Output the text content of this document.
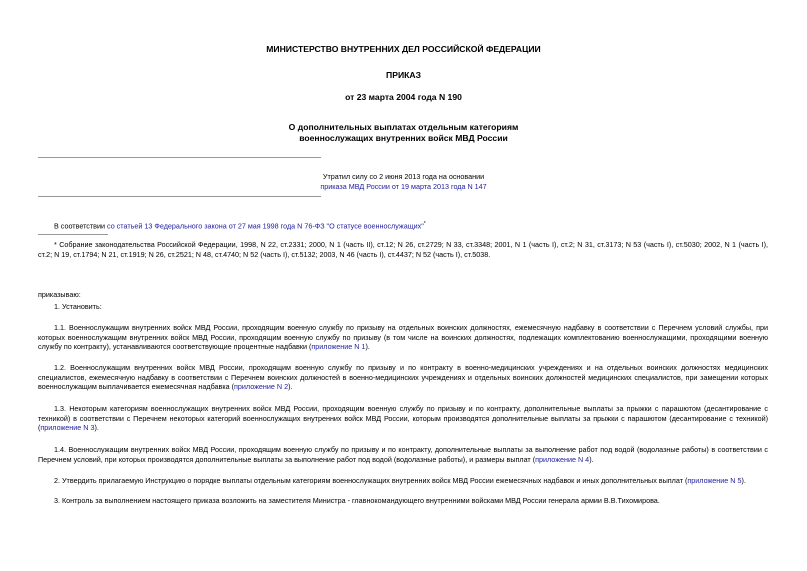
МИНИСТЕРСТВО ВНУТРЕННИХ ДЕЛ РОССИЙСКОЙ ФЕДЕРАЦИИ
ПРИКАЗ
от 23 марта 2004 года N 190
О дополнительных выплатах отдельным категориям
военнослужащих внутренних войск МВД России
Утратил силу со 2 июня 2013 года на основании
приказа МВД России от 19 марта 2013 года N 147
В соответствии со статьей 13 Федерального закона от 27 мая 1998 года N 76-ФЗ "О статусе военнослужащих"*
* Собрание законодательства Российской Федерации, 1998, N 22, ст.2331; 2000, N 1 (часть II), ст.12; N 26, ст.2729; N 33, ст.3348; 2001, N 1 (часть I), ст.2; N 31, ст.3173; N 53 (часть I), ст.5030; 2002, N 1 (часть I), ст.2; N 19, ст.1794; N 21, ст.1919; N 26, ст.2521; N 48, ст.4740; N 52 (часть I), ст.5132; 2003, N 46 (часть I), ст.4437; N 52 (часть I), ст.5038.
приказываю:
1. Установить:
1.1. Военнослужащим внутренних войск МВД России, проходящим военную службу по призыву на отдельных воинских должностях, ежемесячную надбавку в соответствии с Перечнем условий службы, при которых военнослужащим внутренних войск МВД России, проходящим военную службу по призыву (в том числе на воинских должностях, подлежащих комплектованию военнослужащими, проходящими военную службу по контракту), устанавливаются соответствующие процентные надбавки (приложение N 1).
1.2. Военнослужащим внутренних войск МВД России, проходящим военную службу по призыву и по контракту в военно-медицинских учреждениях и на отдельных воинских должностях медицинских специалистов, ежемесячную надбавку в соответствии с Перечнем воинских должностей в военно-медицинских учреждениях и отдельных воинских должностей медицинских специалистов, при замещении которых военнослужащим выплачивается ежемесячная надбавка (приложение N 2).
1.3. Некоторым категориям военнослужащих внутренних войск МВД России, проходящим военную службу по призыву и по контракту, дополнительные выплаты за прыжки с парашютом (десантирование с техникой) в соответствии с Перечнем некоторых категорий военнослужащих внутренних войск МВД России, которым производятся дополнительные выплаты за прыжки с парашютом (десантирование с техникой) (приложение N 3).
1.4. Военнослужащим внутренних войск МВД России, проходящим военную службу по призыву и по контракту, дополнительные выплаты за выполнение работ под водой (водолазные работы) в соответствии с Перечнем условий, при которых производятся дополнительные выплаты за выполнение работ под водой (водолазные работы), и размеры выплат (приложение N 4).
2. Утвердить прилагаемую Инструкцию о порядке выплаты отдельным категориям военнослужащих внутренних войск МВД России ежемесячных надбавок и иных дополнительных выплат (приложение N 5).
3. Контроль за выполнением настоящего приказа возложить на заместителя Министра - главнокомандующего внутренними войсками МВД России генерала армии В.В.Тихомирова.
